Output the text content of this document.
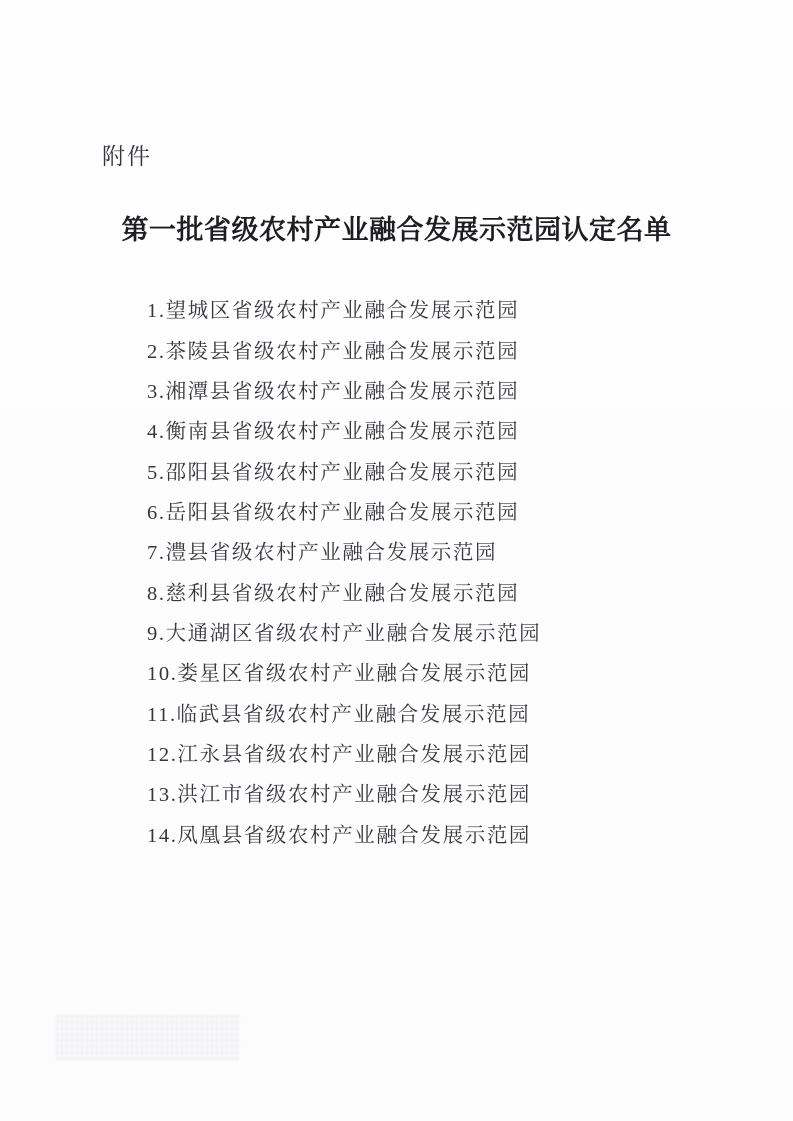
附件
第一批省级农村产业融合发展示范园认定名单
1.望城区省级农村产业融合发展示范园
2.茶陵县省级农村产业融合发展示范园
3.湘潭县省级农村产业融合发展示范园
4.衡南县省级农村产业融合发展示范园
5.邵阳县省级农村产业融合发展示范园
6.岳阳县省级农村产业融合发展示范园
7.澧县省级农村产业融合发展示范园
8.慈利县省级农村产业融合发展示范园
9.大通湖区省级农村产业融合发展示范园
10.娄星区省级农村产业融合发展示范园
11.临武县省级农村产业融合发展示范园
12.江永县省级农村产业融合发展示范园
13.洪江市省级农村产业融合发展示范园
14.凤凰县省级农村产业融合发展示范园
